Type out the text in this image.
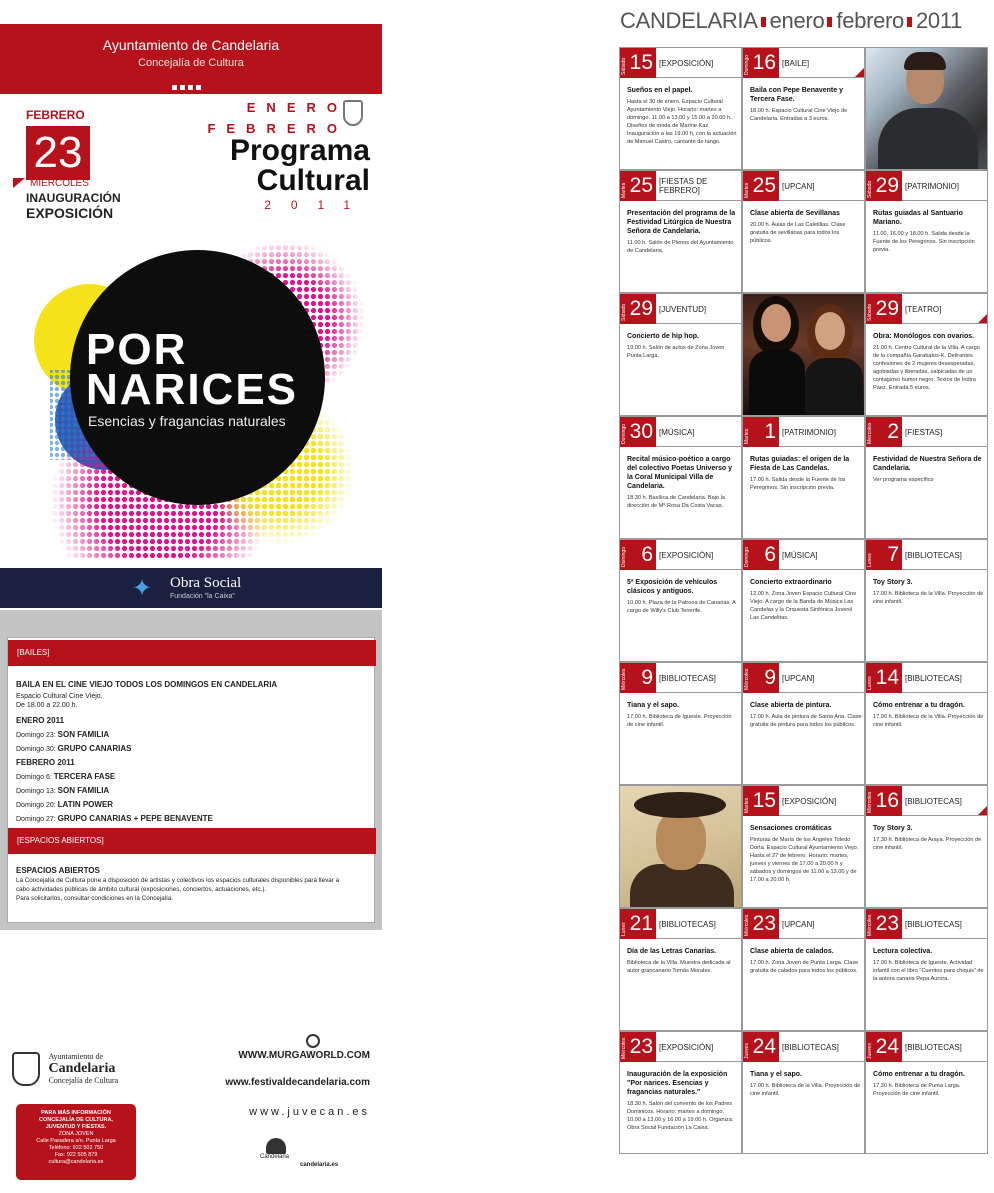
Ayuntamiento de Candelaria
Concejalía de Cultura
FEBRERO
23
MIÉRCOLES
INAUGURACIÓN
EXPOSICIÓN
ENERO
FEBRERO
Programa
Cultural
2011
POR
NARICES
Esencias y fragancias naturales
✦ Obra Social
Fundación "la Caixa"
[BAILES]
BAILA EN EL CINE VIEJO TODOS LOS DOMINGOS EN CANDELARIA
Espacio Cultural Cine Viejo.
De 18.00 a 22.00 h.
ENERO 2011
Domingo 23: SON FAMILIA
Domingo 30: GRUPO CANARIAS
FEBRERO 2011
Domingo 6: TERCERA FASE
Domingo 13: SON FAMILIA
Domingo 20: LATIN POWER
Domingo 27: GRUPO CANARIAS + PEPE BENAVENTE
[ESPACIOS ABIERTOS]
ESPACIOS ABIERTOS
La Concejalía de Cultura pone a disposición de artistas y colectivos los espacios culturales disponibles para llevar a
cabo actividades públicas de ámbito cultural (exposiciones, conciertos, actuaciones, etc.).
Para solicitarlos, consultar condiciones en la Concejalía.

Ayuntamiento de
Candelaria
Concejalía de Cultura
PARA MÁS INFORMACIÓN
CONCEJALÍA DE CULTURA,
JUVENTUD Y FIESTAS.
ZONA JOVEN
Calle Pasadera s/n. Punta Larga
Teléfono: 922 502 750
Fax: 922 505 879
cultura@candelaria.es
WWW.MURGAWORLD.COM
www.festivaldecandelaria.com
www.juvecan.es
Candelaria
candelaria.es
CANDELARIA enero febrero 2011
15
Sábado	[EXPOSICIÓN]
Sueños en el papel.
Hasta el 30 de enero. Espacio Cultural Ayuntamiento Viejo. Horario: martes a domingo. 11.00 a 13.00 y 15.00 a 20.00 h. Diseños de moda de Marine Kaz. Inauguración a las 19.00 h, con la actuación de Manuel Castro, cantante de tango.
16
Domingo	[BAILE]
Baila con Pepe Benavente y Tercera Fase.
18.00 h. Espacio Cultural Cine Viejo de Candelaria. Entradas a 3 euros.
25
Martes
[FIESTAS DE FEBRERO]
Presentación del programa de la Festividad Litúrgica de Nuestra Señora de Candelaria.
11.00 h. Salón de Plenos del Ayuntamiento de Candelaria.
25
Martes	[UPCAN]
Clase abierta de Sevillanas
20.00 h. Aulas de Las Caletillas. Clase gratuita de sevillanas para todos los públicos.
29
Sábado	[PATRIMONIO]
Rutas guiadas al Santuario Mariano.
11.00, 16.00 y 18.00 h. Salida desde la Fuente de los Peregrinos. Sin inscripción previa.
29
Sábado	[JUVENTUD]
Concierto de hip hop.
19.00 h. Salón de actos de Zona Joven Punta Larga.
29
Sábado	[TEATRO]
Obra: Monólogos con ovarios.
21.00 h. Centro Cultural de la Villa. A cargo de la compañía Garabatos-K. Delirantes confesiones de 2 mujeres desesperadas, agobiadas y liberadas, salpicadas de un contagioso humor negro. Textos de Indira Páez. Entrada 5 euros.
30
Domingo	[MÚSICA]
Recital músico-poético a cargo del colectivo Poetas Universo y la Coral Municipal Villa de Candelaria.
18.30 h. Basílica de Candelaria. Bajo la dirección de Mª Rosa Da Costa Vacas.
1
Martes	[PATRIMONIO]
Rutas guiadas: el origen de la Fiesta de Las Candelas.
17.00 h. Salida desde la Fuente de los Peregrinos. Sin inscripción previa.
2
Miércoles	[FIESTAS]
Festividad de Nuestra Señora de Candelaria.
Ver programa específico
6
Domingo	[EXPOSICIÓN]
5ª Exposición de vehículos clásicos y antiguos.
10.00 h. Plaza de la Patrona de Canarias. A cargo de Willy's Club Tenerife.
6
Domingo	[MÚSICA]
Concierto extraordinario
12.00 h. Zona Joven Espacio Cultural Cine Viejo. A cargo de la Banda de Música Las Candelas y la Orquesta Sinfónica Juvenil Las Candelitas.
7
Lunes	[BIBLIOTECAS]
Toy Story 3.
17.00 h. Biblioteca de la Villa. Proyección de cine infantil.
9
Miércoles	[BIBLIOTECAS]
Tiana y el sapo.
17.00 h. Biblioteca de Igueste. Proyección de cine infantil.
9
Miércoles	[UPCAN]
Clase abierta de pintura.
17.00 h. Aula de pintura de Santa Ana. Clase gratuita de pintura para todos los públicos.
14
Lunes	[BIBLIOTECAS]
Cómo entrenar a tu dragón.
17.00 h. Biblioteca de la Villa. Proyección de cine infantil.
15
Martes	[EXPOSICIÓN]
Sensaciones cromáticas
Pinturas de María de los Ángeles Toledo Dorta. Espacio Cultural Ayuntamiento Viejo. Hasta el 27 de febrero. Horario: martes, jueves y viernes de 17.00 a 20.00 h y sábados y domingos de 11.00 a 13.00 y de 17.00 a 20.00 h.
16
Miércoles	[BIBLIOTECAS]
Toy Story 3.
17.30 h. Biblioteca de Araya. Proyección de cine infantil.
21
Lunes	[BIBLIOTECAS]
Día de las Letras Canarias.
Biblioteca de la Villa. Muestra dedicada al autor grancanario Tomás Morales.
23
Miércoles	[UPCAN]
Clase abierta de calados.
17.00 h. Zona Joven de Punta Larga. Clase gratuita de calados para todos los públicos.
23
Miércoles	[BIBLIOTECAS]
Lectura colectiva.
17.00 h. Biblioteca de Igueste. Actividad infantil con el libro "Cuentos para chiquis" de la autora canaria Pepa Aurora.
23
Miércoles	[EXPOSICIÓN]
Inauguración de la exposición "Por narices. Esencias y fragancias naturales."
18.30 h. Salón del convento de los Padres Dominicos. Horario: martes a domingo. 10.00 a 13.00 y 16.00 a 19.00 h. Organiza: Obra Social Fundación La Caixa.
24
Jueves	[BIBLIOTECAS]
Tiana y el sapo.
17.00 h. Biblioteca de la Villa. Proyección de cine infantil.
24
Jueves	[BIBLIOTECAS]
Cómo entrenar a tu dragón.
17.30 h. Biblioteca de Punta Larga. Proyección de cine infantil.
